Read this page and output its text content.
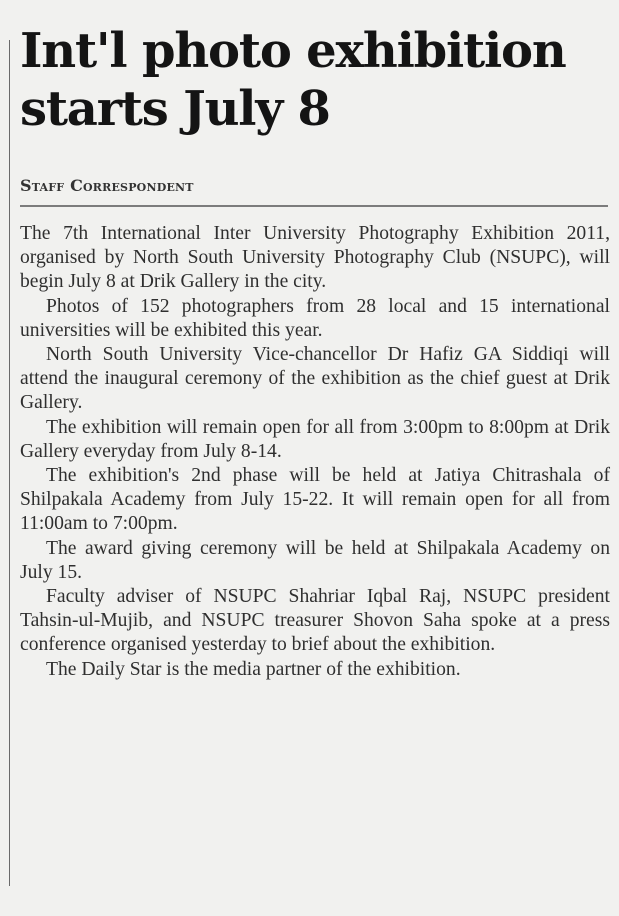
Int'l photo exhibition
starts July 8
Staff Correspondent

The 7th International Inter University Photography Exhibition 2011, organised by North South University Photography Club (NSUPC), will begin July 8 at Drik Gallery in the city.

Photos of 152 photographers from 28 local and 15 international universities will be exhibited this year.

North South University Vice-chancellor Dr Hafiz GA Siddiqi will attend the inaugural ceremony of the exhibition as the chief guest at Drik Gallery.

The exhibition will remain open for all from 3:00pm to 8:00pm at Drik Gallery everyday from July 8-14.

The exhibition's 2nd phase will be held at Jatiya Chitrashala of Shilpakala Academy from July 15-22. It will remain open for all from 11:00am to 7:00pm.

The award giving ceremony will be held at Shilpakala Academy on July 15.

Faculty adviser of NSUPC Shahriar Iqbal Raj, NSUPC president Tahsin-ul-Mujib, and NSUPC treasurer Shovon Saha spoke at a press conference organised yesterday to brief about the exhibition.

The Daily Star is the media partner of the exhibition.
